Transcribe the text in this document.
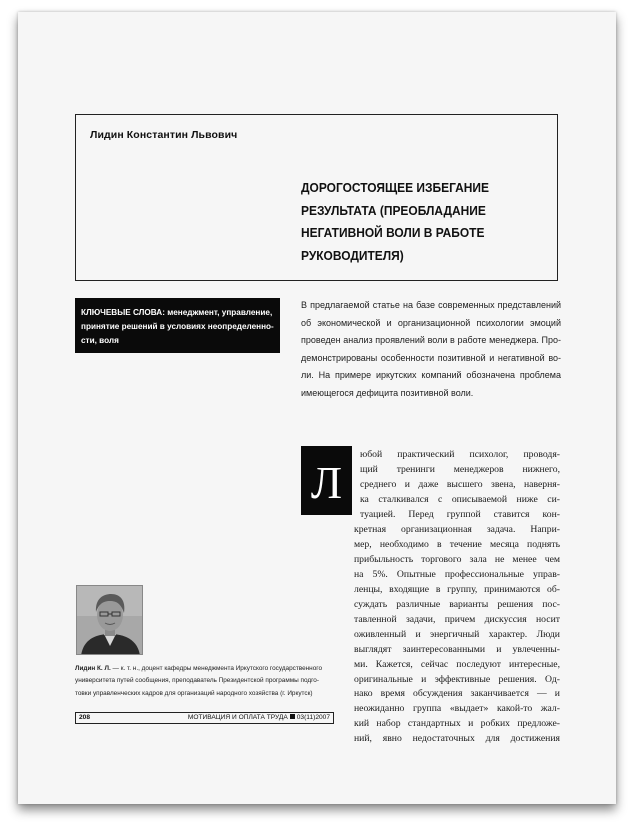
Лидин Константин Львович
ДОРОГОСТОЯЩЕЕ ИЗБЕГАНИЕ
РЕЗУЛЬТАТА (ПРЕОБЛАДАНИЕ
НЕГАТИВНОЙ ВОЛИ В РАБОТЕ
РУКОВОДИТЕЛЯ)
КЛЮЧЕВЫЕ СЛОВА: менеджмент, управление,
принятие решений в условиях неопределенно-
сти, воля
В предлагаемой статье на базе современных представлений
об экономической и организационной психологии эмоций
проведен анализ проявлений воли в работе менеджера. Про-
демонстрированы особенности позитивной и негативной во-
ли. На примере иркутских компаний обозначена проблема
имеющегося дефицита позитивной воли.
Л
юбой практический психолог, проводя-
щий тренинги менеджеров нижнего,
среднего и даже высшего звена, наверня-
ка сталкивался с описываемой ниже си-
туацией. Перед группой ставится кон-
кретная организационная задача. Напри-
мер, необходимо в течение месяца поднять
прибыльность торгового зала не менее чем
на 5%. Опытные профессиональные управ-
ленцы, входящие в группу, принимаются об-
суждать различные варианты решения пос-
тавленной задачи, причем дискуссия носит
оживленный и энергичный характер. Люди
выглядят заинтересованными и увлеченны-
ми. Кажется, сейчас последуют интересные,
оригинальные и эффективные решения. Од-
нако время обсуждения заканчивается — и
неожиданно группа «выдает» какой-то жал-
кий набор стандартных и робких предложе-
ний, явно недостаточных для достижения
Лидин К. Л. — к. т. н., доцент кафедры менеджмента Иркутского государственного
университета путей сообщения, преподаватель Президентской программы подго-
товки управленческих кадров для организаций народного хозяйства (г. Иркутск)
208	МОТИВАЦИЯ И ОПЛАТА ТРУДА 03(11)2007
